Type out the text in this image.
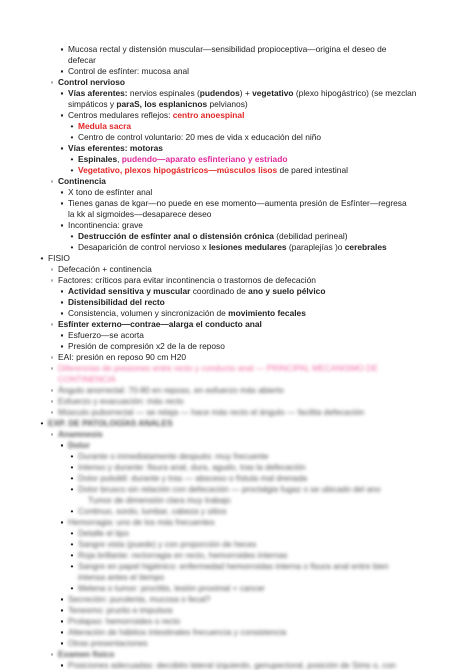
▪ Mucosa rectal y distensión muscular—sensibilidad propioceptiva—origina el deseo de
defecar
▪ Control de esfínter: mucosa anal
◦ Control nervioso
▪ Vías aferentes: nervios espinales (pudendos) + vegetativo (plexo hipogástrico) (se mezclan
simpáticos y paraS, los esplanicnos pelvianos)
▪ Centros medulares reflejos: centro anoespinal
• Medula sacra
• Centro de control voluntario: 20 mes de vida x educación del niño
▪ Vías eferentes: motoras
• Espinales, pudendo—aparato esfinteriano y estriado
• Vegetativo, plexos hipogástricos—músculos lisos de pared intestinal
◦ Continencia
▪ X tono de esfínter anal
▪ Tienes ganas de kgar—no puede en ese momento—aumenta presión de Esfínter—regresa
la kk al sigmoides—desaparece deseo
▪ Incontinencia: grave
• Destrucción de esfínter anal o distensión crónica (debilidad perineal)
• Desaparición de control nervioso x lesiones medulares (paraplejías )o cerebrales
• FISIO
◦ Defecación + continencia
◦ Factores: críticos para evitar incontinencia o trastornos de defecación
▪ Actividad sensitiva y muscular coordinado de ano y suelo pélvico
▪ Distensibilidad del recto
▪ Consistencia, volumen y sincronización de movimiento fecales
◦ Esfínter externo—contrae—alarga el conducto anal
▪ Esfuerzo—se acorta
▪ Presión de compresión x2 de la de reposo
◦ EAI: presión en reposo 90 cm H20
◦ Diferencias de presiones entre recto y conducto anal — PRINCIPAL MECANISMO DE
CONTINENCIA
◦ Ángulo anorrectal: 70-80 en reposo, en esfuerzo más abierto
◦ Esfuerzo y evacuación: más recto
◦ Músculo puborrectal — se relaja — hace más recto el ángulo — facilita defecación
• EXP. DE PATOLOGÍAS ANALES
◦ Anamnesis
▪ Dolor
• Durante o inmediatamente después: muy frecuente
• Intenso y durante: fisura anal, dura, agudo, tras la defecación
• Dolor pulsátil: durante y tras — absceso o fístula mal drenada
• Dolor brusco sin relación con defecación — proctalgia fugaz o se ubicado del ano
Tumor de dimensión clara muy trabajo
• Continuo, sordo, lumbar, cabeza y sitios
▪ Hemorragia: uno de los más frecuentes
• Detalle el tipo
• Sangre vista (puede) y con proporción de heces
• Roja brillante: rectorragia en recto, hemorroides internas
• Sangre en papel higiénico: enfermedad hemorroidas interna o fisura anal entre bien
intensa antes el tiempo
• Melena o tumor: proctitis, lesión proximal + cancer
▪ Secreción: purulenta, mucosa o fecal?
▪ Tenesmo: prurito e impulsos
▪ Prolapso: hemorroides o recto
▪ Alteración de hábitos intestinales frecuencia y consistencia
▪ Otras presentaciones
◦ Examen físico
▪ Posiciones adecuadas: decúbito lateral izquierdo, genupectoral, posición de Sims o, con
